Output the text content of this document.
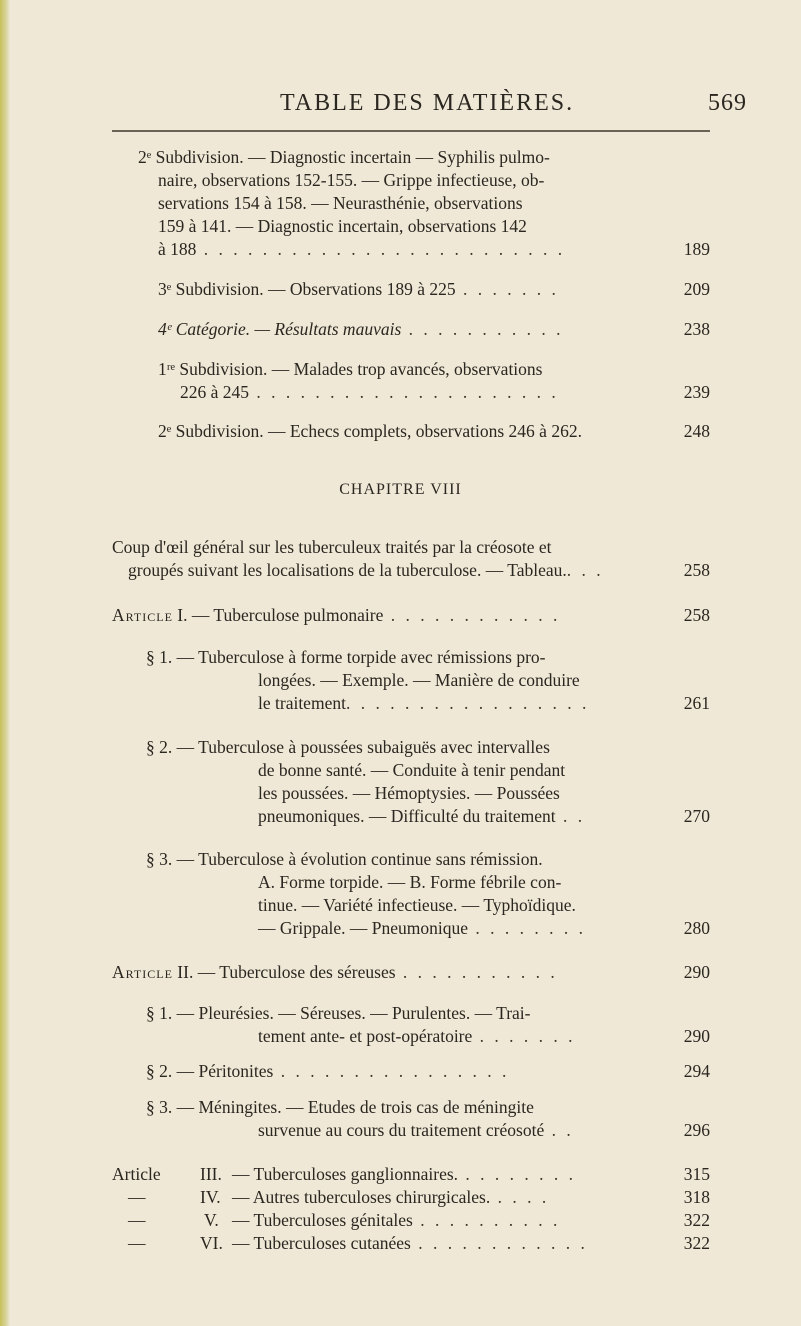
TABLE DES MATIÈRES.	569
2ᵉ Subdivision. — Diagnostic incertain — Syphilis pulmo-
naire, observations 152-155. — Grippe infectieuse, ob-
servations 154 à 158. — Neurasthénie, observations
159 à 141. — Diagnostic incertain, observations 142
à 188 . . . . . . . . . . . . . . . . . . . . . . . . .	189
3ᵉ Subdivision. — Observations 189 à 225 . . . . . . .	209
4ᵉ Catégorie. — Résultats mauvais . . . . . . . . . . .	238
1ʳᵉ Subdivision. — Malades trop avancés, observations
226 à 245 . . . . . . . . . . . . . . . . . . . . .	239
2ᵉ Subdivision. — Echecs complets, observations 246 à 262.	248
CHAPITRE VIII
Coup d'œil général sur les tuberculeux traités par la créosote et
groupés suivant les localisations de la tuberculose. — Tableau.. . .	258
Article I. — Tuberculose pulmonaire . . . . . . . . . . . .	258
§ 1. — Tuberculose à forme torpide avec rémissions pro-
longées. — Exemple. — Manière de conduire
le traitement. . . . . . . . . . . . . . . . .	261
§ 2. — Tuberculose à poussées subaiguës avec intervalles
de bonne santé. — Conduite à tenir pendant
les poussées. — Hémoptysies. — Poussées
pneumoniques. — Difficulté du traitement . .	270
§ 3. — Tuberculose à évolution continue sans rémission.
A. Forme torpide. — B. Forme fébrile con-
tinue. — Variété infectieuse. — Typhoïdique.
— Grippale. — Pneumonique . . . . . . . .	280
Article II. — Tuberculose des séreuses . . . . . . . . . . .	290
§ 1. — Pleurésies. — Séreuses. — Purulentes. — Trai-
tement ante- et post-opératoire . . . . . . .	290
§ 2. — Péritonites . . . . . . . . . . . . . . . .	294
§ 3. — Méningites. — Etudes de trois cas de méningite
survenue au cours du traitement créosoté . .	296
Article III. — Tuberculoses ganglionnaires. . . . . . . . .	315
—	IV. — Autres tuberculoses chirurgicales. . . . .	318
—	V. — Tuberculoses génitales . . . . . . . . . .	322
—	VI. — Tuberculoses cutanées . . . . . . . . . . . .	322
